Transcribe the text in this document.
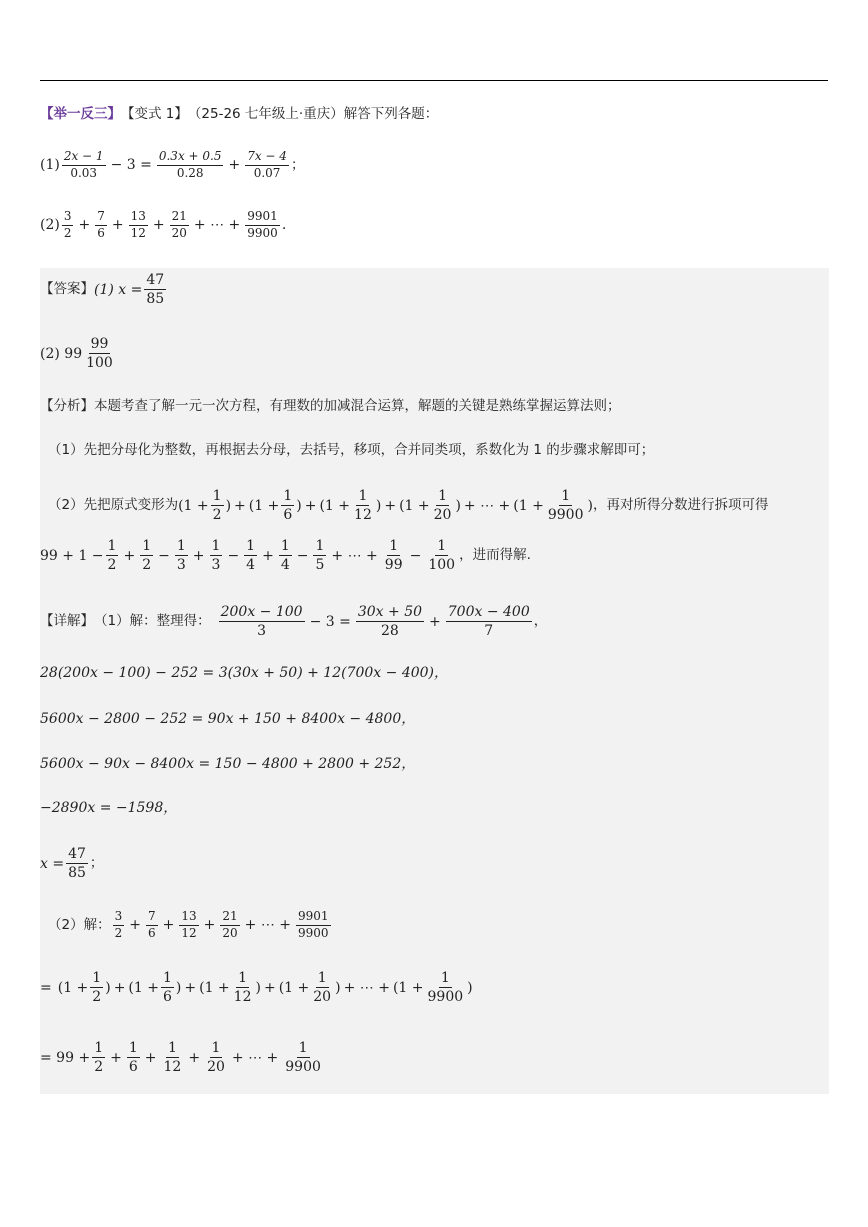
【举一反三】 【变式 1】 （25-26 七年级上·重庆）解答下列各题：
$(1) \frac{2x - 1}{0.03} - 3 = \frac{0.3x + 0.5}{0.28} + \frac{7x - 4}{0.07}$ ；
$(2) \frac{3}{2} + \frac{7}{6} + \frac{13}{12} + \frac{21}{20}$ + ⋯ + $\frac{9901}{9900}$ .
【答案】 (1) $x = \frac{47}{85}$
(2) $99 \frac{99}{100}$
【分析】 本题考查了解一元一次方程，有理数的加减混合运算，解题的关键是熟练掌握运算法则；
（1）先把分母化为整数，再根据去分母，去括号，移项，合并同类项，系数化为 1 的步骤求解即可；
（2）先把原式变形为 ($1 + \frac{1}{2}$ ) + ($1 + \frac{1}{6}$ ) + ($1 + \frac{1}{12}$ ) + ($1 + \frac{1}{20}$ ) + ⋯ + ($1 + \frac{1}{9900}$ ) ，再对所得分数进行拆项可得
$99 + 1 - \frac{1}{2} + \frac{1}{2} - \frac{1}{3} + \frac{1}{3} - \frac{1}{4} + \frac{1}{4} - \frac{1}{5}$ + ⋯ + $\frac{1}{99} - \frac{1}{100}$ ，进而得解.
【详解】 （1）解：整理得： $\frac{200x - 100}{3} - 3 = \frac{30x + 50}{28} + \frac{700x - 400}{7}$ ，
28(200x − 100) − 252 = 3(30x + 50) + 12(700x − 400)，
5600x − 2800 − 252 = 90x + 150 + 8400x − 4800，
5600x − 90x − 8400x = 150 − 4800 + 2800 + 252，
−2890x = −1598，
$x = \frac{47}{85}$ ；
（2）解： $\frac{3}{2} + \frac{7}{6} + \frac{13}{12} + \frac{21}{20}$ + ⋯ + $\frac{9901}{9900}$
= ($1 + \frac{1}{2}$ ) + ($1 + \frac{1}{6}$ ) + ($1 + \frac{1}{12}$ ) + ($1 + \frac{1}{20}$ ) + ⋯ + ($1 + \frac{1}{9900}$ )
= $99 + \frac{1}{2} + \frac{1}{6} + \frac{1}{12} + \frac{1}{20}$ + ⋯ + $\frac{1}{9900}$
